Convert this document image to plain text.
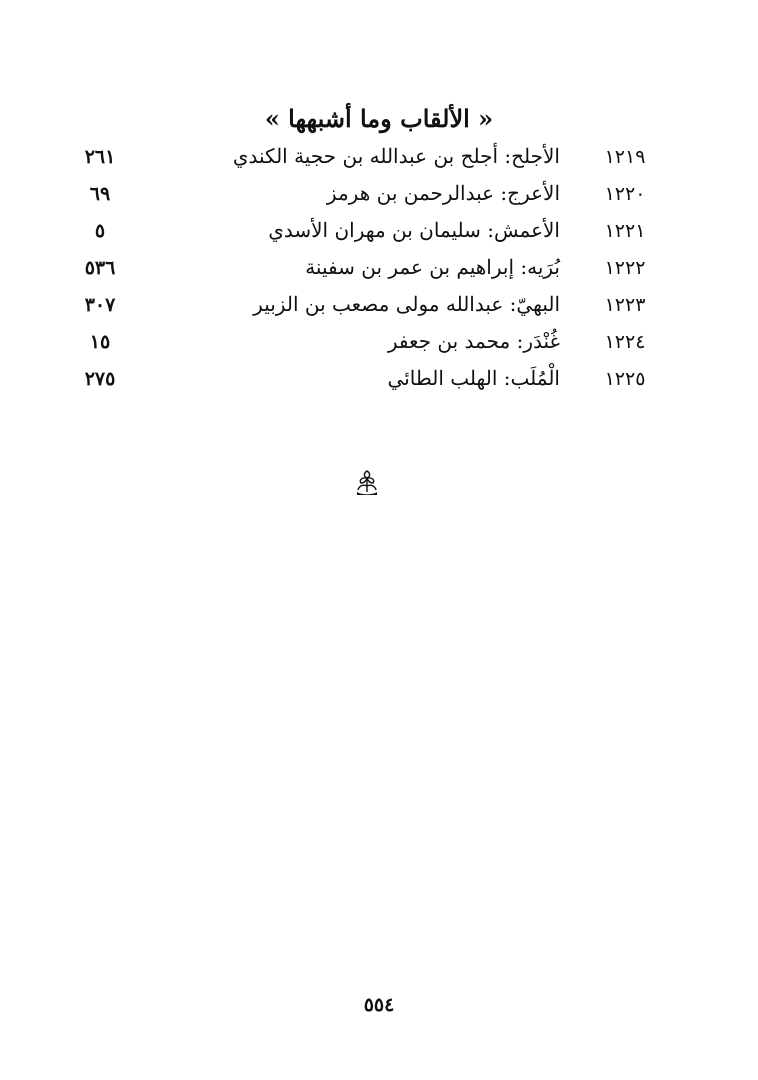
« الألقاب وما أشبهها »
١٢١٩
الأجلح: أجلح بن عبدالله بن حجية الكندي
٢٦١
١٢٢٠
الأعرج: عبدالرحمن بن هرمز
٦٩
١٢٢١
الأعمش: سليمان بن مهران الأسدي
٥
١٢٢٢
بُرَيه: إبراهيم بن عمر بن سفينة
٥٣٦
١٢٢٣
البهيّ: عبدالله مولى مصعب بن الزبير
٣٠٧
١٢٢٤
غُنْدَر: محمد بن جعفر
١٥
١٢٢٥
الْمُلَب: الهلب الطائي
٢٧٥
٥٥٤
